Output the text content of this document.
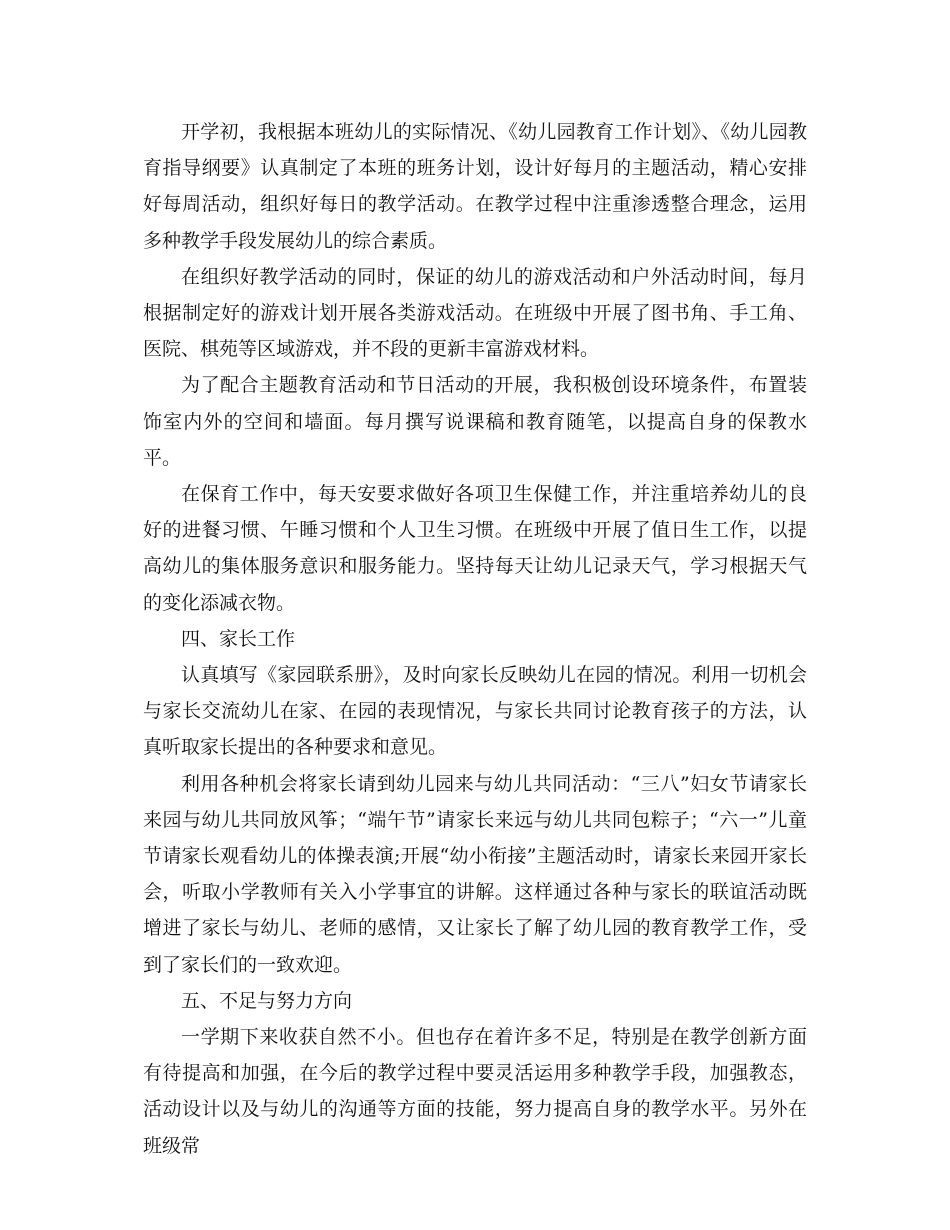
开学初，我根据本班幼儿的实际情况、《幼儿园教育工作计划》、《幼儿园教育指导纲要》认真制定了本班的班务计划，设计好每月的主题活动，精心安排好每周活动，组织好每日的教学活动。在教学过程中注重渗透整合理念，运用多种教学手段发展幼儿的综合素质。

在组织好教学活动的同时，保证的幼儿的游戏活动和户外活动时间，每月根据制定好的游戏计划开展各类游戏活动。在班级中开展了图书角、手工角、医院、棋苑等区域游戏，并不段的更新丰富游戏材料。

为了配合主题教育活动和节日活动的开展，我积极创设环境条件，布置装饰室内外的空间和墙面。每月撰写说课稿和教育随笔，以提高自身的保教水平。

在保育工作中，每天安要求做好各项卫生保健工作，并注重培养幼儿的良好的进餐习惯、午睡习惯和个人卫生习惯。在班级中开展了值日生工作，以提高幼儿的集体服务意识和服务能力。坚持每天让幼儿记录天气，学习根据天气的变化添减衣物。

四、家长工作

认真填写《家园联系册》，及时向家长反映幼儿在园的情况。利用一切机会与家长交流幼儿在家、在园的表现情况，与家长共同讨论教育孩子的方法，认真听取家长提出的各种要求和意见。

利用各种机会将家长请到幼儿园来与幼儿共同活动：“三八”妇女节请家长来园与幼儿共同放风筝；“端午节”请家长来远与幼儿共同包粽子；“六一”儿童节请家长观看幼儿的体操表演;开展“幼小衔接”主题活动时，请家长来园开家长会，听取小学教师有关入小学事宜的讲解。这样通过各种与家长的联谊活动既增进了家长与幼儿、老师的感情，又让家长了解了幼儿园的教育教学工作，受到了家长们的一致欢迎。

五、不足与努力方向

一学期下来收获自然不小。但也存在着许多不足，特别是在教学创新方面有待提高和加强，在今后的教学过程中要灵活运用多种教学手段，加强教态，活动设计以及与幼儿的沟通等方面的技能，努力提高自身的教学水平。另外在班级常
